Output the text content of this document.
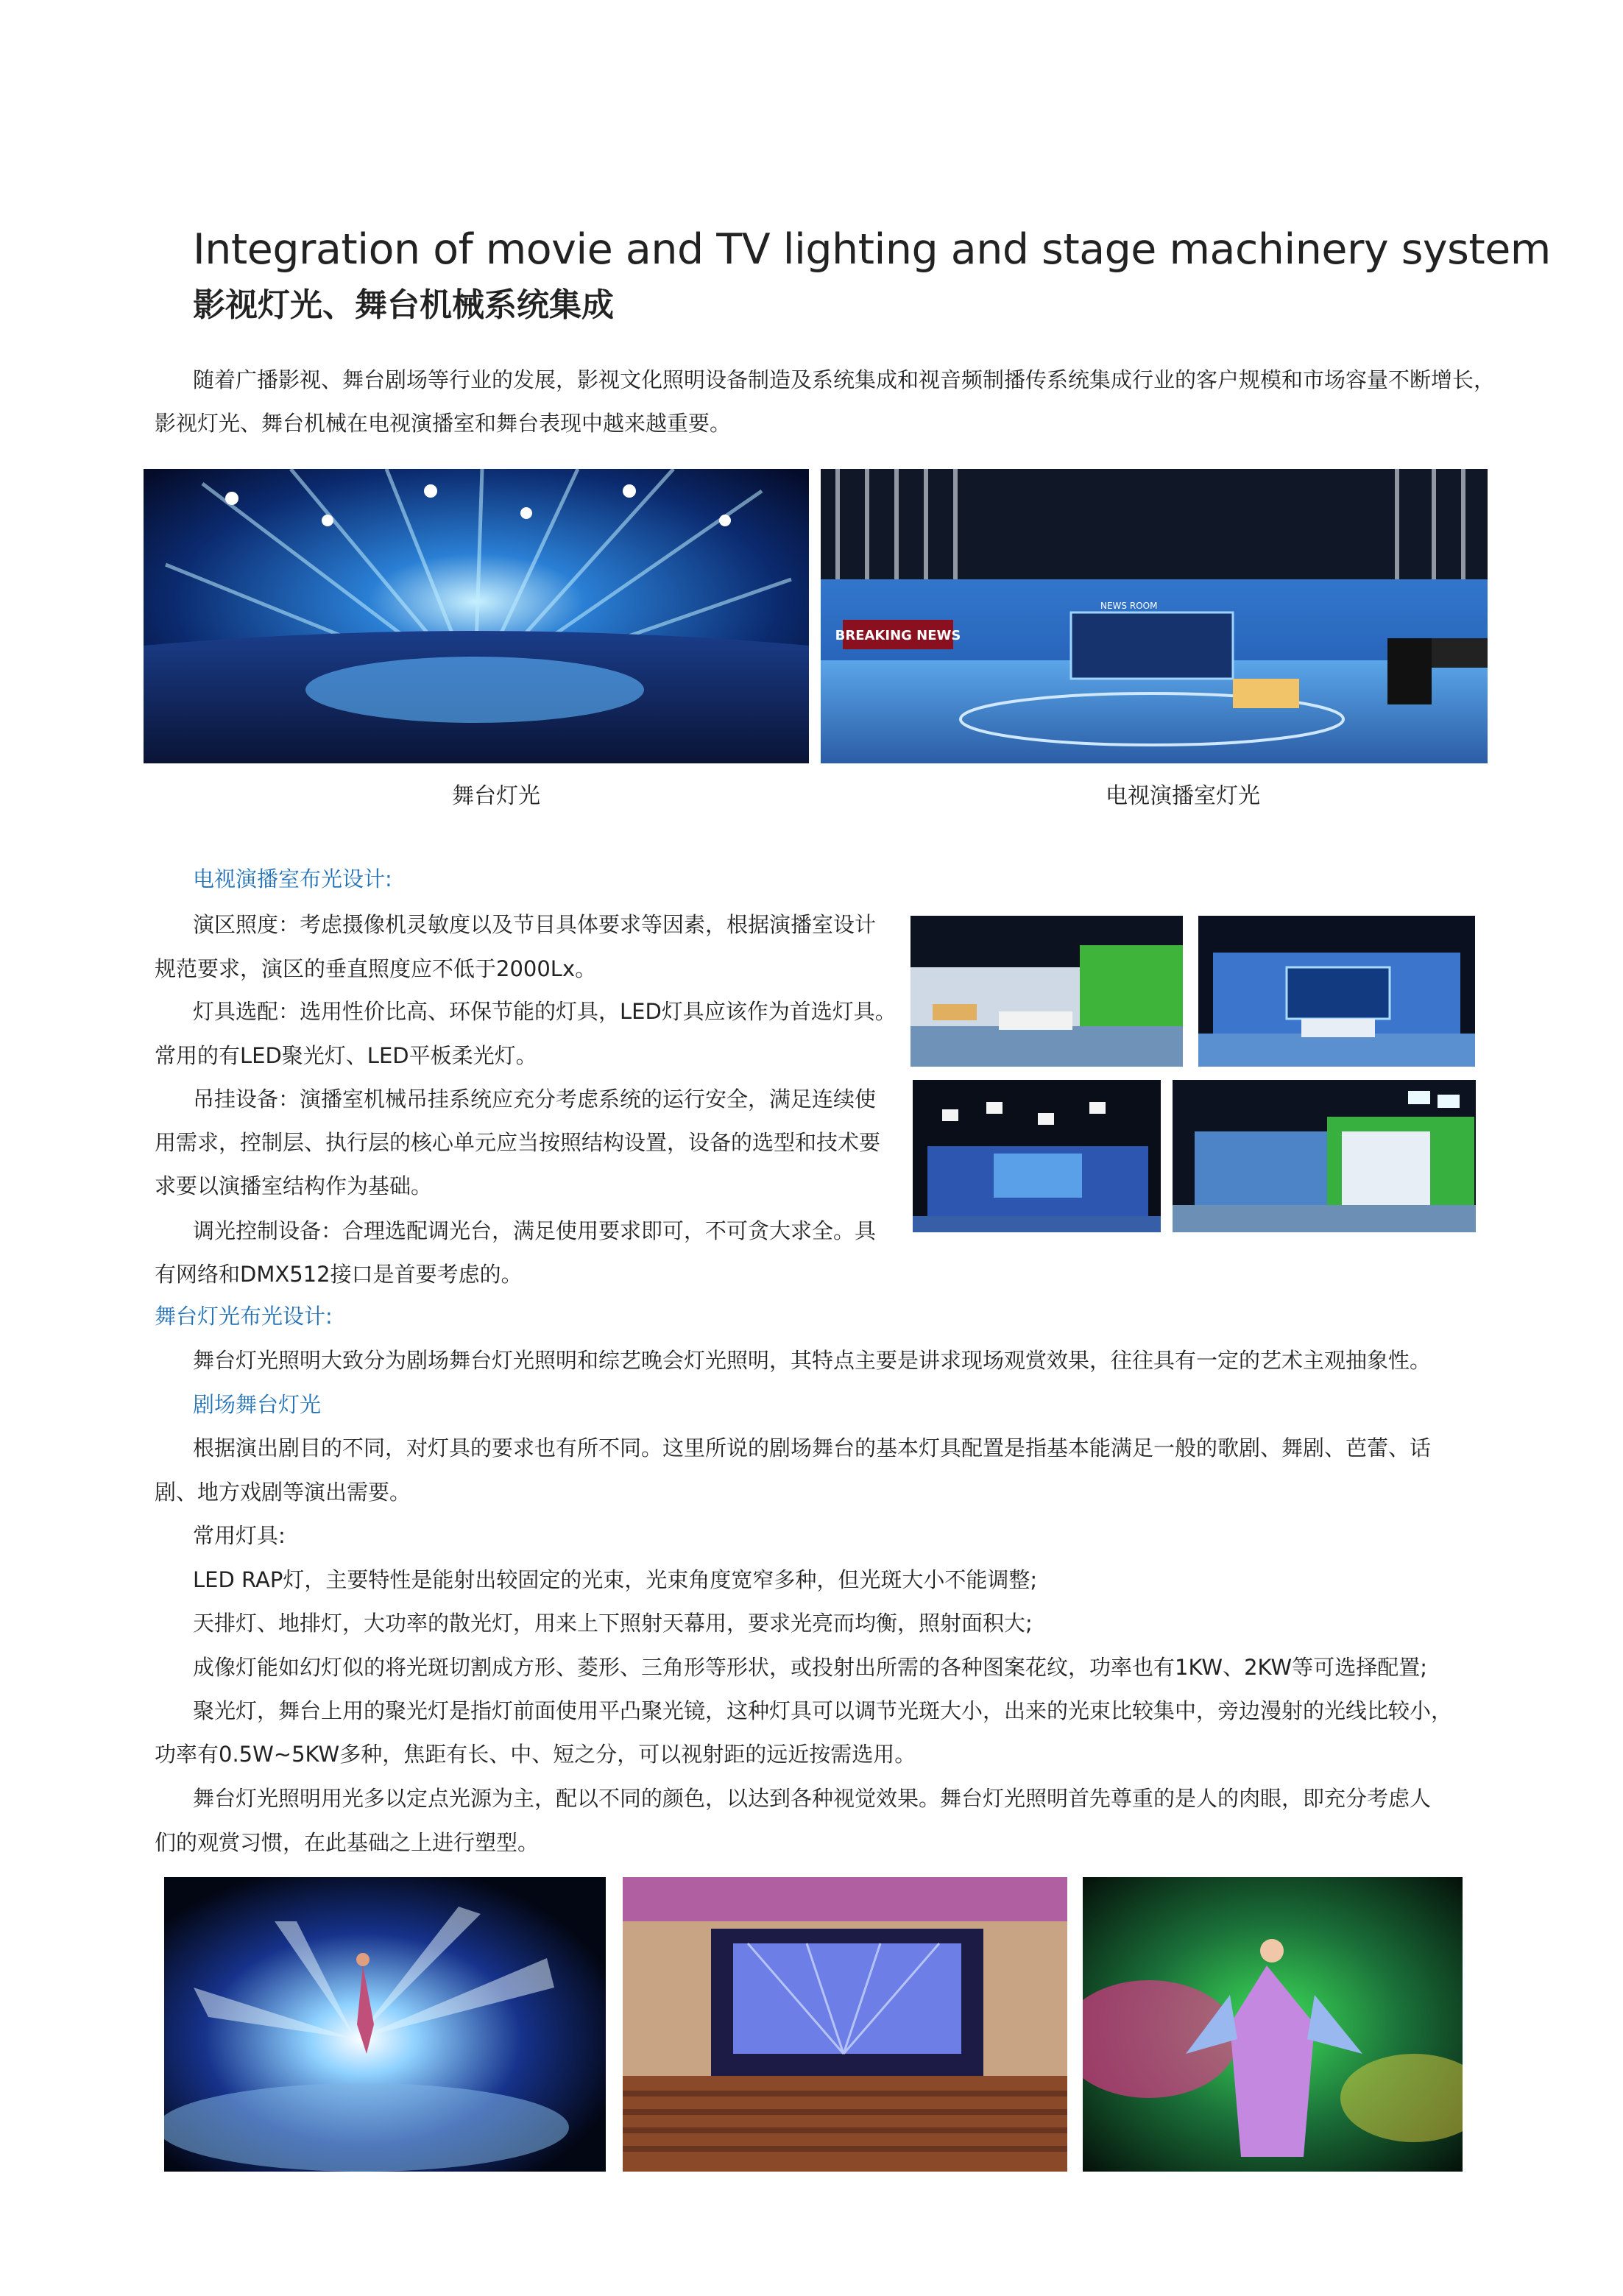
Integration of movie and TV lighting and stage machinery system
影视灯光、舞台机械系统集成
随着广播影视、舞台剧场等行业的发展，影视文化照明设备制造及系统集成和视音频制播传系统集成行业的客户规模和市场容量不断增长，
影视灯光、舞台机械在电视演播室和舞台表现中越来越重要。
BREAKING NEWS
NEWS ROOM
舞台灯光	电视演播室灯光
电视演播室布光设计:
演区照度：考虑摄像机灵敏度以及节目具体要求等因素，根据演播室设计
规范要求，演区的垂直照度应不低于2000Lx。
灯具选配：选用性价比高、环保节能的灯具，LED灯具应该作为首选灯具。
常用的有LED聚光灯、LED平板柔光灯。
吊挂设备：演播室机械吊挂系统应充分考虑系统的运行安全，满足连续使
用需求，控制层、执行层的核心单元应当按照结构设置，设备的选型和技术要
求要以演播室结构作为基础。
调光控制设备：合理选配调光台，满足使用要求即可，不可贪大求全。具
有网络和DMX512接口是首要考虑的。
舞台灯光布光设计:
舞台灯光照明大致分为剧场舞台灯光照明和综艺晚会灯光照明，其特点主要是讲求现场观赏效果，往往具有一定的艺术主观抽象性。
剧场舞台灯光
根据演出剧目的不同，对灯具的要求也有所不同。这里所说的剧场舞台的基本灯具配置是指基本能满足一般的歌剧、舞剧、芭蕾、话
剧、地方戏剧等演出需要。
常用灯具:
LED RAP灯，主要特性是能射出较固定的光束，光束角度宽窄多种，但光斑大小不能调整;
天排灯、地排灯，大功率的散光灯，用来上下照射天幕用，要求光亮而均衡，照射面积大;
成像灯能如幻灯似的将光斑切割成方形、菱形、三角形等形状，或投射出所需的各种图案花纹，功率也有1KW、2KW等可选择配置;
聚光灯，舞台上用的聚光灯是指灯前面使用平凸聚光镜，这种灯具可以调节光斑大小，出来的光束比较集中，旁边漫射的光线比较小，
功率有0.5W~5KW多种，焦距有长、中、短之分，可以视射距的远近按需选用。
舞台灯光照明用光多以定点光源为主，配以不同的颜色，以达到各种视觉效果。舞台灯光照明首先尊重的是人的肉眼，即充分考虑人
们的观赏习惯，在此基础之上进行塑型。
